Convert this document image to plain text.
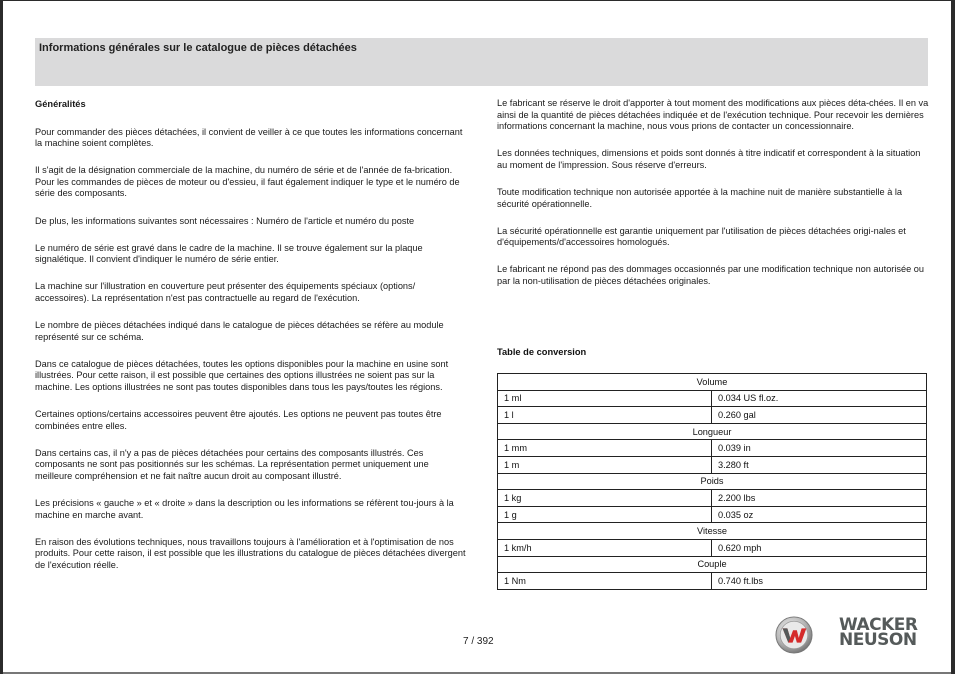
Informations générales sur le catalogue de pièces détachées
Généralités

Pour commander des pièces détachées, il convient de veiller à ce que toutes les informations concernant la machine soient complètes.

Il s'agit de la désignation commerciale de la machine, du numéro de série et de l'année de fa-brication. Pour les commandes de pièces de moteur ou d'essieu, il faut également indiquer le type et le numéro de série des composants.

De plus, les informations suivantes sont nécessaires : Numéro de l'article et numéro du poste

Le numéro de série est gravé dans le cadre de la machine. Il se trouve également sur la plaque signalétique. Il convient d'indiquer le numéro de série entier.

La machine sur l'illustration en couverture peut présenter des équipements spéciaux (options/ accessoires). La représentation n'est pas contractuelle au regard de l'exécution.

Le nombre de pièces détachées indiqué dans le catalogue de pièces détachées se réfère au module représenté sur ce schéma.

Dans ce catalogue de pièces détachées, toutes les options disponibles pour la machine en usine sont illustrées. Pour cette raison, il est possible que certaines des options illustrées ne soient pas sur la machine. Les options illustrées ne sont pas toutes disponibles dans tous les pays/toutes les régions.

Certaines options/certains accessoires peuvent être ajoutés. Les options ne peuvent pas toutes être combinées entre elles.

Dans certains cas, il n'y a pas de pièces détachées pour certains des composants illustrés. Ces composants ne sont pas positionnés sur les schémas. La représentation permet uniquement une meilleure compréhension et ne fait naître aucun droit au composant illustré.

Les précisions « gauche » et « droite » dans la description ou les informations se réfèrent tou-jours à la machine en marche avant.

En raison des évolutions techniques, nous travaillons toujours à l'amélioration et à l'optimisation de nos produits. Pour cette raison, il est possible que les illustrations du catalogue de pièces détachées divergent de l'exécution réelle.

Le fabricant se réserve le droit d'apporter à tout moment des modifications aux pièces déta-chées. Il en va ainsi de la quantité de pièces détachées indiquée et de l'exécution technique. Pour recevoir les dernières informations concernant la machine, nous vous prions de contacter un concessionnaire.

Les données techniques, dimensions et poids sont donnés à titre indicatif et correspondent à la situation au moment de l'impression. Sous réserve d'erreurs.

Toute modification technique non autorisée apportée à la machine nuit de manière substantielle à la sécurité opérationnelle.

La sécurité opérationnelle est garantie uniquement par l'utilisation de pièces détachées origi-nales et d'équipements/d'accessoires homologués.

Le fabricant ne répond pas des dommages occasionnés par une modification technique non autorisée ou par la non-utilisation de pièces détachées originales.

Table de conversion
Volume	
1 ml	0.034 US fl.oz.
1 l	0.260 gal
Longueur	
1 mm	0.039 in
1 m	3.280 ft
Poids	
1 kg	2.200 lbs
1 g	0.035 oz
Vitesse	
1 km/h	0.620 mph
Couple	
1 Nm	0.740 ft.lbs
7 / 392
WACKER
NEUSON
